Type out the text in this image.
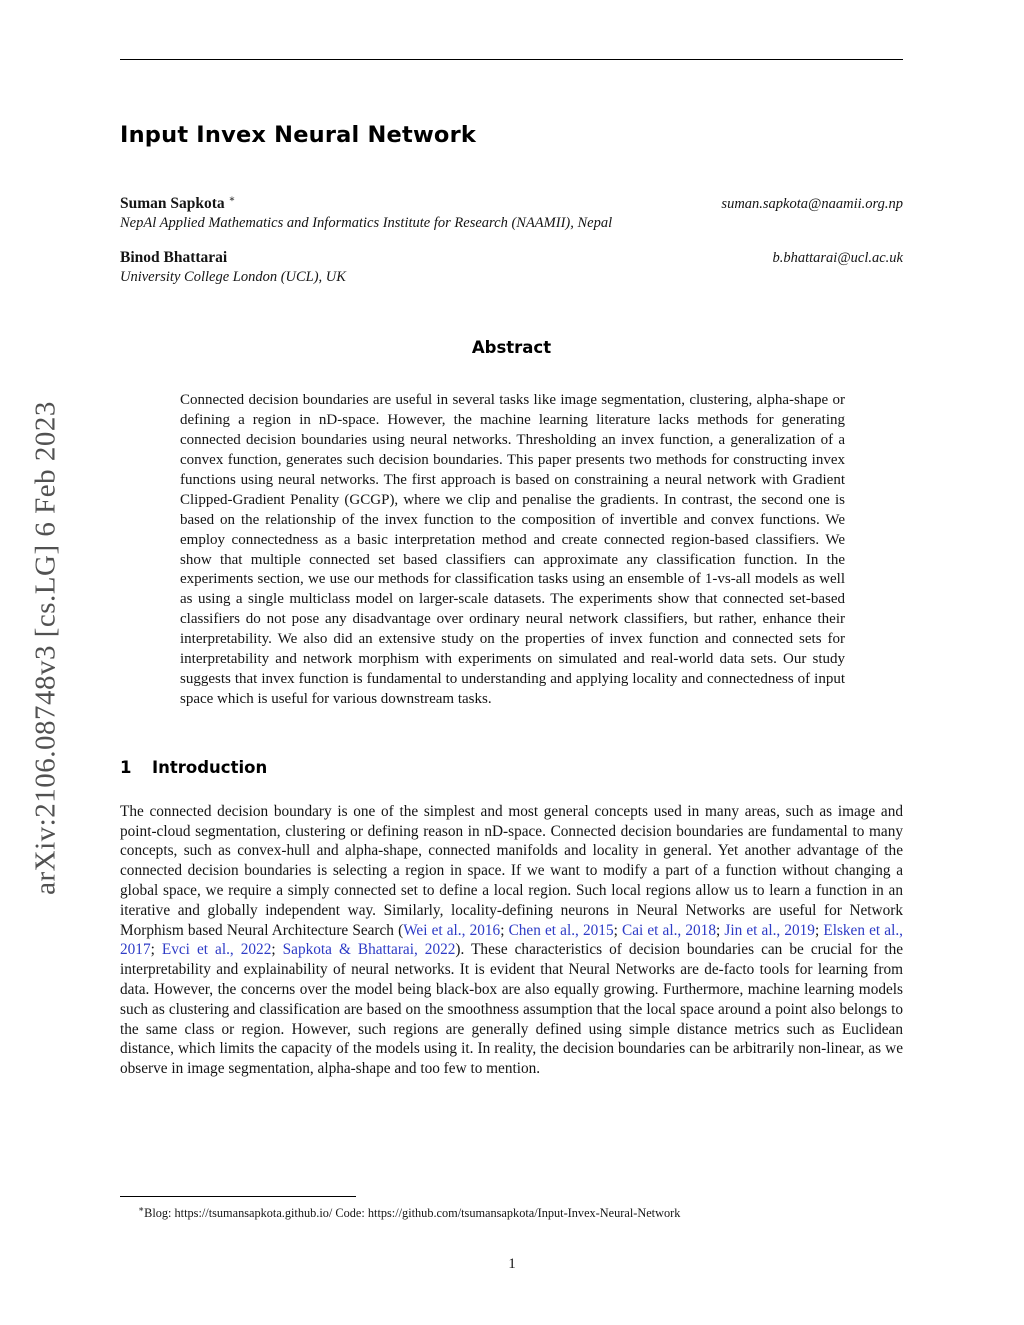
arXiv:2106.08748v3 [cs.LG] 6 Feb 2023
Input Invex Neural Network
Suman Sapkota ∗	suman.sapkota@naamii.org.np
NepAl Applied Mathematics and Informatics Institute for Research (NAAMII), Nepal
Binod Bhattarai	b.bhattarai@ucl.ac.uk
University College London (UCL), UK
Abstract

Connected decision boundaries are useful in several tasks like image segmentation, clustering, alpha-shape or defining a region in nD-space. However, the machine learning literature lacks methods for generating connected decision boundaries using neural networks. Thresholding an invex function, a generalization of a convex function, generates such decision boundaries. This paper presents two methods for constructing invex functions using neural networks. The first approach is based on constraining a neural network with Gradient Clipped-Gradient Penality (GCGP), where we clip and penalise the gradients. In contrast, the second one is based on the relationship of the invex function to the composition of invertible and convex functions. We employ connectedness as a basic interpretation method and create connected region-based classifiers. We show that multiple connected set based classifiers can approximate any classification function. In the experiments section, we use our methods for classification tasks using an ensemble of 1-vs-all models as well as using a single multiclass model on larger-scale datasets. The experiments show that connected set-based classifiers do not pose any disadvantage over ordinary neural network classifiers, but rather, enhance their interpretability. We also did an extensive study on the properties of invex function and connected sets for interpretability and network morphism with experiments on simulated and real-world data sets. Our study suggests that invex function is fundamental to understanding and applying locality and connectedness of input space which is useful for various downstream tasks.

1 Introduction

The connected decision boundary is one of the simplest and most general concepts used in many areas, such as image and point-cloud segmentation, clustering or defining reason in nD-space. Connected decision boundaries are fundamental to many concepts, such as convex-hull and alpha-shape, connected manifolds and locality in general. Yet another advantage of the connected decision boundaries is selecting a region in space. If we want to modify a part of a function without changing a global space, we require a simply connected set to define a local region. Such local regions allow us to learn a function in an iterative and globally independent way. Similarly, locality-defining neurons in Neural Networks are useful for Network Morphism based Neural Architecture Search (Wei et al., 2016; Chen et al., 2015; Cai et al., 2018; Jin et al., 2019; Elsken et al., 2017; Evci et al., 2022; Sapkota & Bhattarai, 2022). These characteristics of decision boundaries can be crucial for the interpretability and explainability of neural networks. It is evident that Neural Networks are de-facto tools for learning from data. However, the concerns over the model being black-box are also equally growing. Furthermore, machine learning models such as clustering and classification are based on the smoothness assumption that the local space around a point also belongs to the same class or region. However, such regions are generally defined using simple distance metrics such as Euclidean distance, which limits the capacity of the models using it. In reality, the decision boundaries can be arbitrarily non-linear, as we observe in image segmentation, alpha-shape and too few to mention.

∗Blog: https://tsumansapkota.github.io/ Code: https://github.com/tsumansapkota/Input-Invex-Neural-Network
1
